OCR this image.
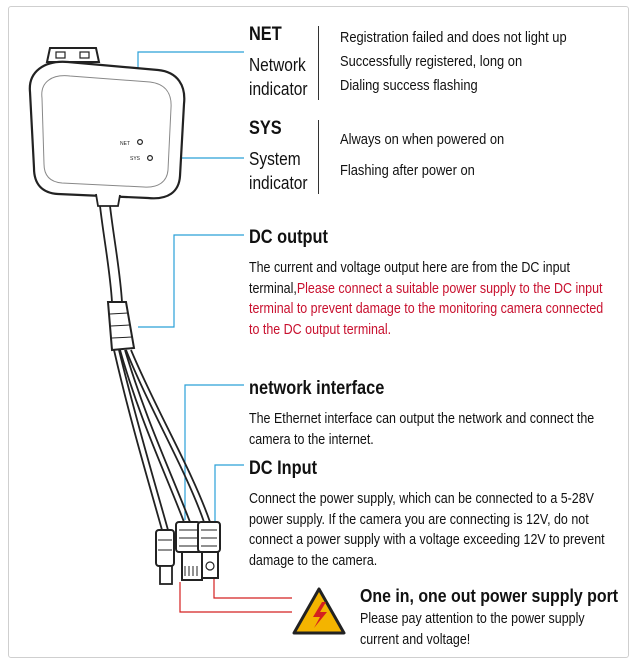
NET
SYS
NET
Network
indicator
Registration failed and does not light up
Successfully registered, long on
Dialing success flashing
SYS
System
indicator
Always on when powered on
Flashing after power on
DC output
The current and voltage output here are from the DC input
terminal,Please connect a suitable power supply to the DC input
terminal to prevent damage to the monitoring camera connected
to the DC output terminal.
network interface
The Ethernet interface can output the network and connect the
camera to the internet.
DC Input
Connect the power supply, which can be connected to a 5-28V
power supply. If the camera you are connecting is 12V, do not
connect a power supply with a voltage exceeding 12V to prevent
damage to the camera.
One in, one out power supply port
Please pay attention to the power supply
current and voltage!
